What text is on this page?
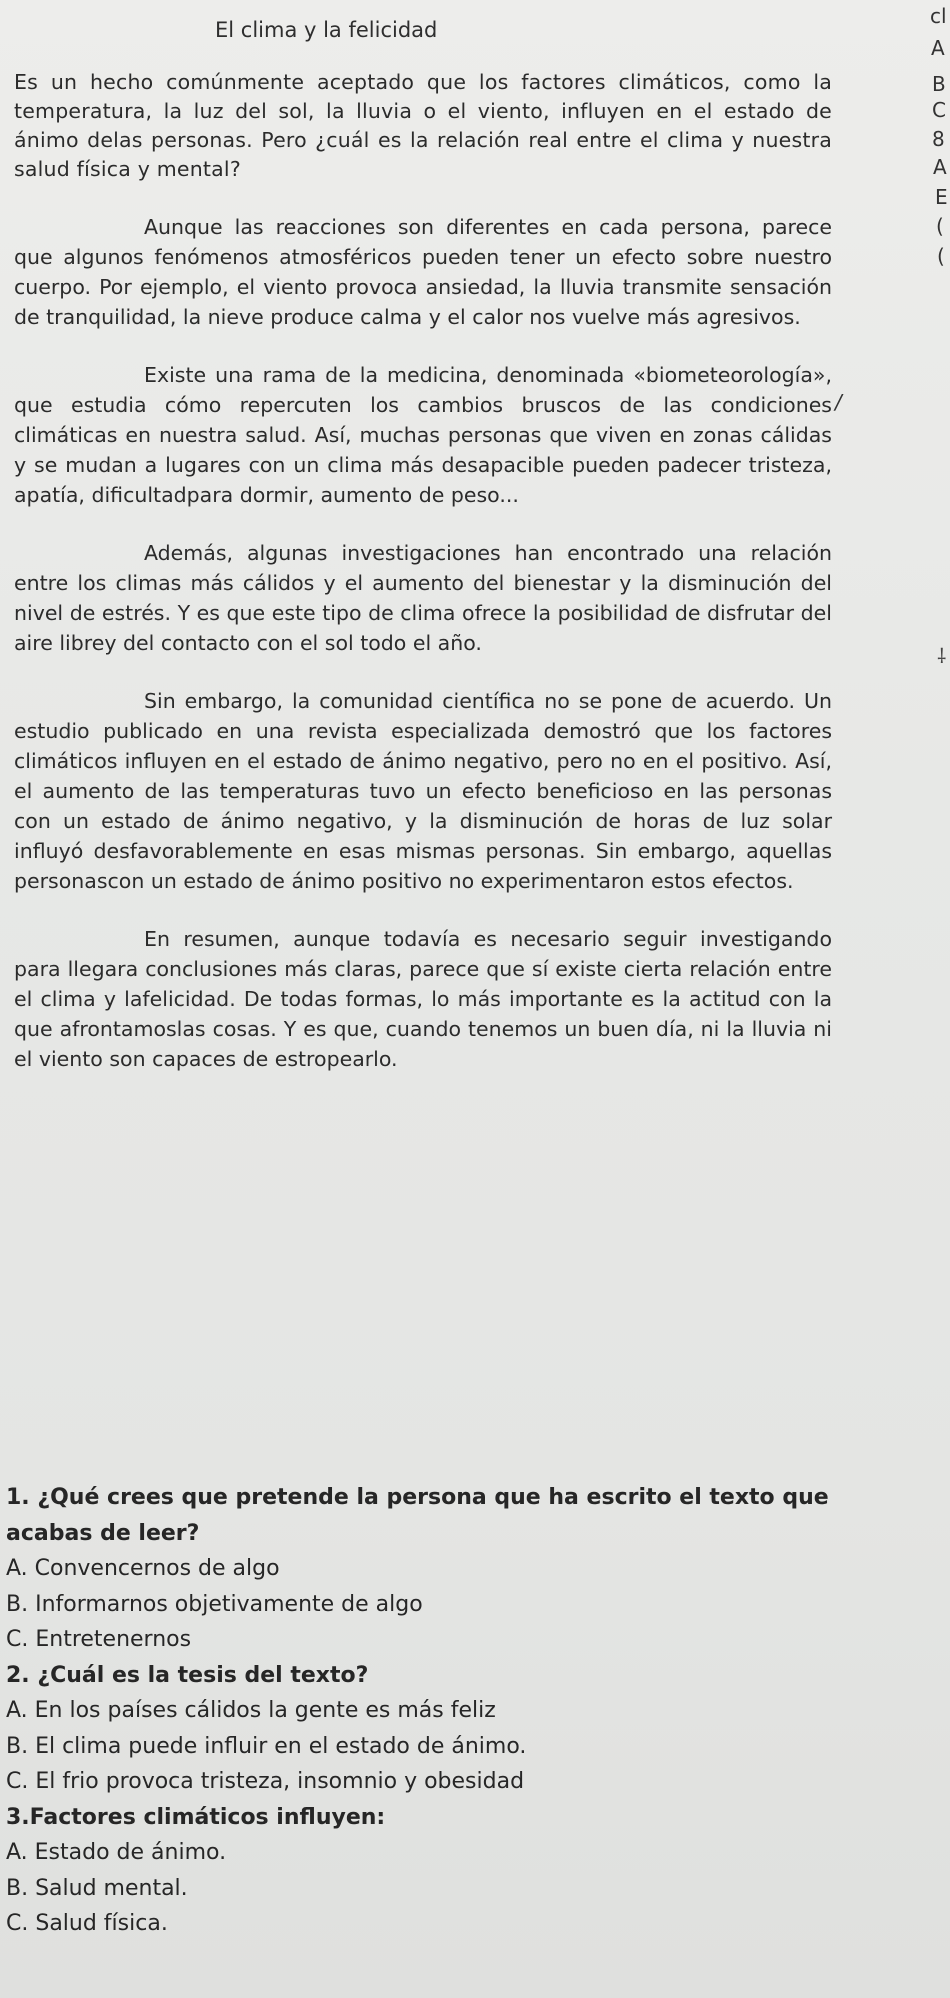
El clima y la felicidad
cl
A
B
C
8
A
E
(
(
/
⸸

Es un hecho comúnmente aceptado que los factores climáticos, como la temperatura, la luz del sol, la lluvia o el viento, influyen en el estado de ánimo delas personas. Pero ¿cuál es la relación real entre el clima y nuestra salud física y mental?

Aunque las reacciones son diferentes en cada persona, parece que algunos fenómenos atmosféricos pueden tener un efecto sobre nuestro cuerpo. Por ejemplo, el viento provoca ansiedad, la lluvia transmite sensación de tranquilidad, la nieve produce calma y el calor nos vuelve más agresivos.

Existe una rama de la medicina, denominada «biometeorología», que estudia cómo repercuten los cambios bruscos de las condiciones climáticas en nuestra salud. Así, muchas personas que viven en zonas cálidas y se mudan a lugares con un clima más desapacible pueden padecer tristeza, apatía, dificultadpara dormir, aumento de peso...

Además, algunas investigaciones han encontrado una relación entre los climas más cálidos y el aumento del bienestar y la disminución del nivel de estrés. Y es que este tipo de clima ofrece la posibilidad de disfrutar del aire librey del contacto con el sol todo el año.

Sin embargo, la comunidad científica no se pone de acuerdo. Un estudio publicado en una revista especializada demostró que los factores climáticos influyen en el estado de ánimo negativo, pero no en el positivo. Así, el aumento de las temperaturas tuvo un efecto beneficioso en las personas con un estado de ánimo negativo, y la disminución de horas de luz solar influyó desfavorablemente en esas mismas personas. Sin embargo, aquellas personascon un estado de ánimo positivo no experimentaron estos efectos.

En resumen, aunque todavía es necesario seguir investigando para llegara conclusiones más claras, parece que sí existe cierta relación entre el clima y lafelicidad. De todas formas, lo más importante es la actitud con la que afrontamoslas cosas. Y es que, cuando tenemos un buen día, ni la lluvia ni el viento son capaces de estropearlo.

1. ¿Qué crees que pretende la persona que ha escrito el texto que acabas de leer?

A. Convencernos de algo

B. Informarnos objetivamente de algo

C. Entretenernos

2. ¿Cuál es la tesis del texto?

A. En los países cálidos la gente es más feliz

B. El clima puede influir en el estado de ánimo.

C. El frio provoca tristeza, insomnio y obesidad

3.Factores climáticos influyen:

A. Estado de ánimo.

B. Salud mental.

C. Salud física.
